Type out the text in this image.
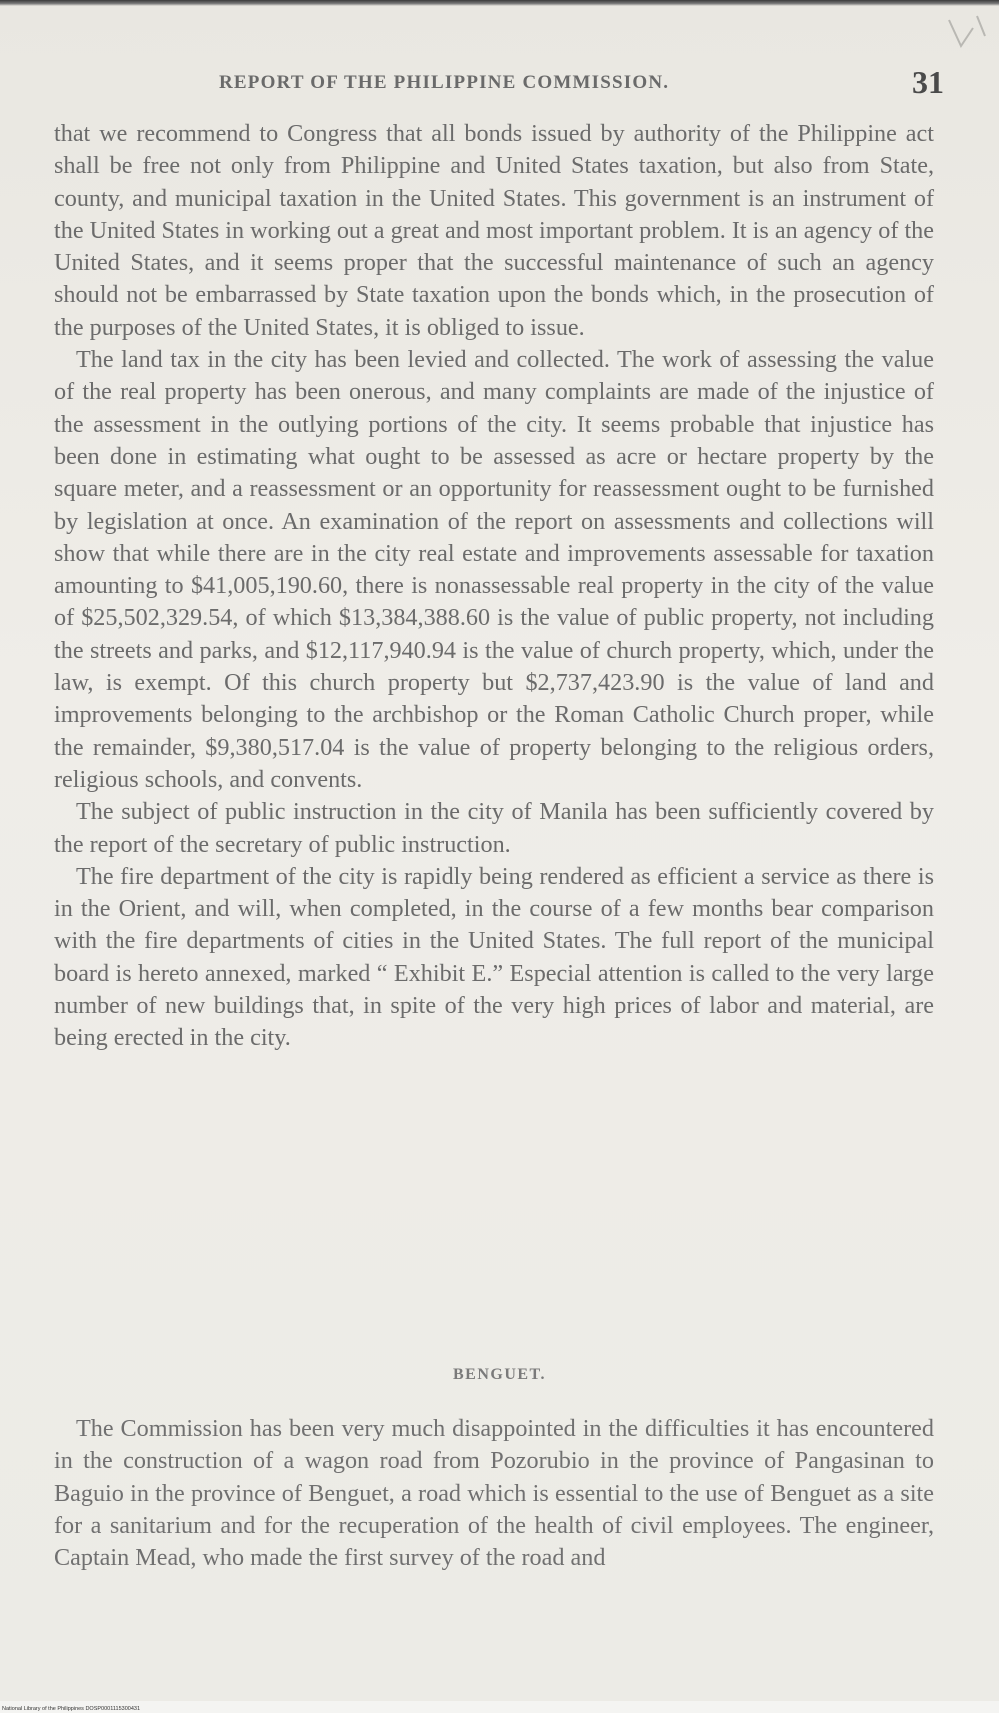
REPORT OF THE PHILIPPINE COMMISSION.	31

that we recommend to Congress that all bonds issued by authority of the Philippine act shall be free not only from Philippine and United States taxation, but also from State, county, and municipal taxation in the United States. This government is an instrument of the United States in working out a great and most important problem. It is an agency of the United States, and it seems proper that the successful maintenance of such an agency should not be embarrassed by State taxation upon the bonds which, in the prosecution of the purposes of the United States, it is obliged to issue.

The land tax in the city has been levied and collected. The work of assessing the value of the real property has been onerous, and many complaints are made of the injustice of the assessment in the outlying portions of the city. It seems probable that injustice has been done in estimating what ought to be assessed as acre or hectare property by the square meter, and a reassessment or an opportunity for reassessment ought to be furnished by legislation at once. An examination of the report on assessments and collections will show that while there are in the city real estate and improvements assessable for taxation amounting to $41,005,190.60, there is nonassessable real property in the city of the value of $25,502,329.54, of which $13,384,388.60 is the value of public property, not including the streets and parks, and $12,117,940.94 is the value of church property, which, under the law, is exempt. Of this church property but $2,737,423.90 is the value of land and improvements belonging to the archbishop or the Roman Catholic Church proper, while the remainder, $9,380,517.04 is the value of property belonging to the religious orders, religious schools, and convents.

The subject of public instruction in the city of Manila has been sufficiently covered by the report of the secretary of public instruction.

The fire department of the city is rapidly being rendered as efficient a service as there is in the Orient, and will, when completed, in the course of a few months bear comparison with the fire departments of cities in the United States. The full report of the municipal board is hereto annexed, marked “ Exhibit E.” Especial attention is called to the very large number of new buildings that, in spite of the very high prices of labor and material, are being erected in the city.

BENGUET.

The Commission has been very much disappointed in the difficulties it has encountered in the construction of a wagon road from Pozorubio in the province of Pangasinan to Baguio in the province of Benguet, a road which is essential to the use of Benguet as a site for a sanitarium and for the recuperation of the health of civil employees. The engineer, Captain Mead, who made the first survey of the road and

National Library of the Philippines DOSP0001115300431
